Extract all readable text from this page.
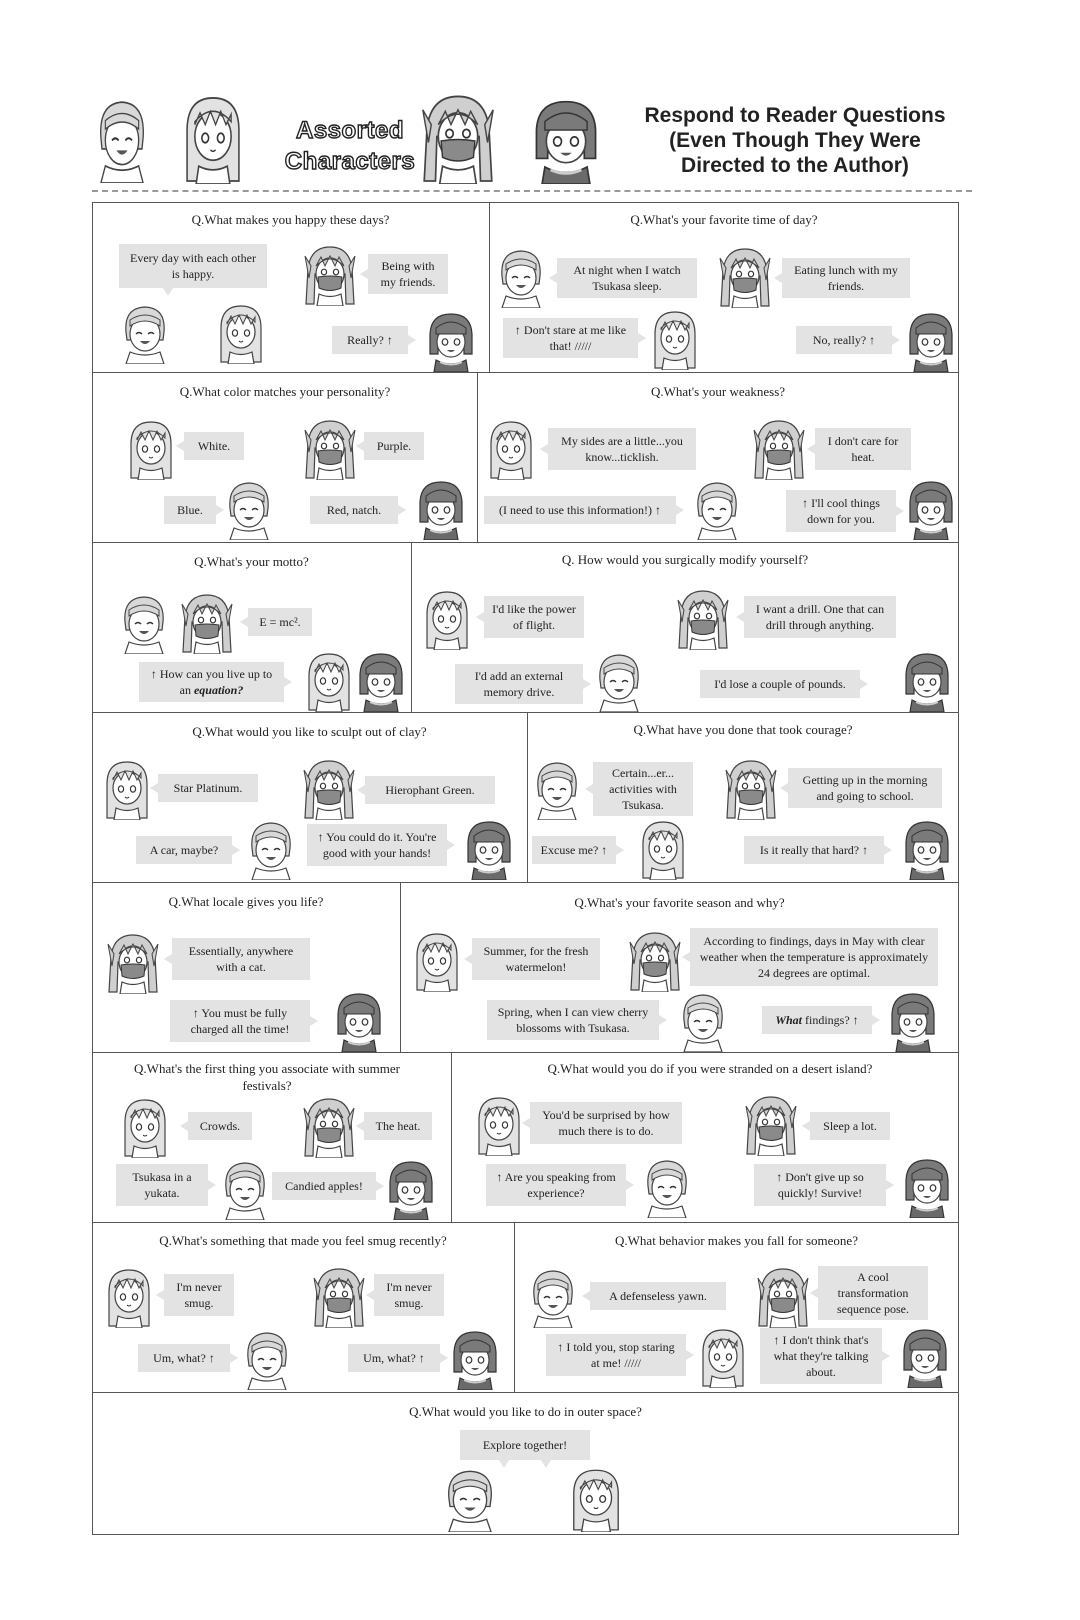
Assorted
Characters
Respond to Reader Questions
(Even Though They Were
Directed to the Author)
Q.What makes you happy these days?
Every day with each other is happy.
Being with my friends.
Really? ↑
Q.What's your favorite time of day?
At night when I watch Tsukasa sleep.
Eating lunch with my friends.
↑ Don't stare at me like that! /////	No, really? ↑
Q.What color matches your personality?
White.	Purple.
Blue.	Red, natch.
Q.What's your weakness?
My sides are a little...you know...ticklish.
I don't care for heat.
(I need to use this information!) ↑	↑ I'll cool things down for you.
Q.What's your motto?
E = mc².
↑ How can you live up to an equation?
Q. How would you surgically modify yourself?
I'd like the power of flight.
I want a drill. One that can drill through anything.
I'd add an external memory drive.
I'd lose a couple of pounds.
Q.What would you like to sculpt out of clay?
Star Platinum.	Hierophant Green.
A car, maybe?
↑ You could do it. You're good with your hands!
Q.What have you done that took courage?
Certain...er... activities with Tsukasa.
Getting up in the morning and going to school.
Excuse me? ↑	Is it really that hard? ↑
Q.What locale gives you life?
Essentially, anywhere with a cat.
↑ You must be fully charged all the time!
Q.What's your favorite season and why?
Summer, for the fresh watermelon!
According to findings, days in May with clear weather when the temperature is approximately 24 degrees are optimal.
Spring, when I can view cherry blossoms with Tsukasa.
What findings? ↑
Q.What's the first thing you associate with summer festivals?
Crowds.	The heat.
Tsukasa in a yukata.	Candied apples!
Q.What would you do if you were stranded on a desert island?
You'd be surprised by how much there is to do.	Sleep a lot.
↑ Are you speaking from experience?
↑ Don't give up so quickly! Survive!
Q.What's something that made you feel smug recently?
I'm never smug.
I'm never smug.
Um, what? ↑	Um, what? ↑
Q.What behavior makes you fall for someone?
A defenseless yawn.
A cool transformation sequence pose.
↑ I told you, stop staring at me! /////
↑ I don't think that's what they're talking about.
Q.What would you like to do in outer space?
Explore together!
